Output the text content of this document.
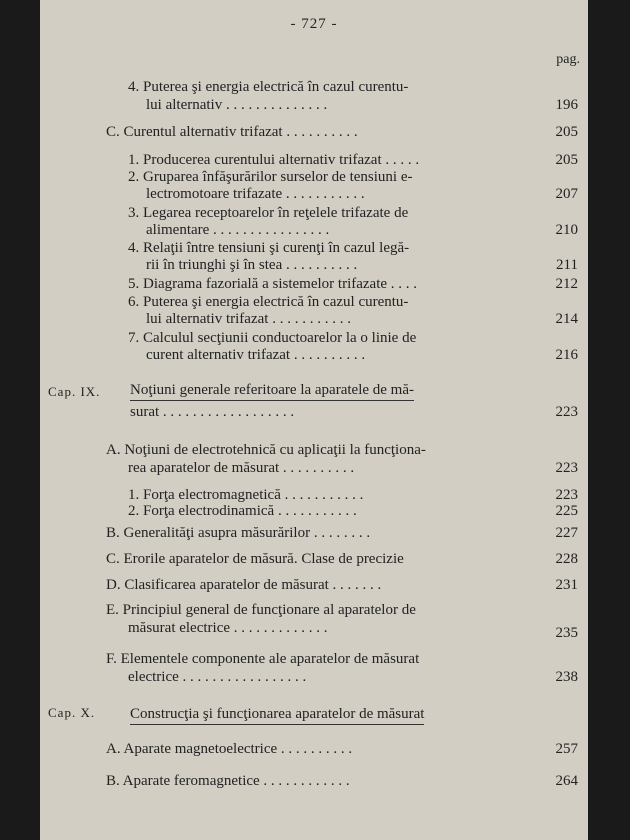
- 727 -
pag.
4. Puterea şi energia electrică în cazul curentu-
lui alternativ . . . . . . . . . . . . . .	196
C. Curentul alternativ trifazat . . . . . . . . . .	205
1. Producerea curentului alternativ trifazat . . . . .	205
2. Gruparea înfăşurărilor surselor de tensiuni e-
lectromotoare trifazate . . . . . . . . . . .	207
3. Legarea receptoarelor în reţelele trifazate de
alimentare . . . . . . . . . . . . . . . .	210
4. Relaţii între tensiuni şi curenţi în cazul legă-
rii în triunghi şi în stea . . . . . . . . . .	211
5. Diagrama fazorială a sistemelor trifazate . . . .	212
6. Puterea şi energia electrică în cazul curentu-
lui alternativ trifazat . . . . . . . . . . .	214
7. Calculul secţiunii conductoarelor la o linie de
curent alternativ trifazat . . . . . . . . . .	216
Cap. IX. Noţiuni generale referitoare la aparatele de mă-
surat . . . . . . . . . . . . . . . . . .	223
A. Noţiuni de electrotehnică cu aplicaţii la funcţiona-
rea aparatelor de măsurat . . . . . . . . . .	223
1. Forţa electromagnetică . . . . . . . . . . .	223
2. Forţa electrodinamică . . . . . . . . . . .	225
B. Generalităţi asupra măsurărilor . . . . . . . .	227
C. Erorile aparatelor de măsură. Clase de precizie	228
D. Clasificarea aparatelor de măsurat . . . . . . .	231
E. Principiul general de funcţionare al aparatelor de
măsurat electrice . . . . . . . . . . . . .	235
F. Elementele componente ale aparatelor de măsurat
electrice . . . . . . . . . . . . . . . . .	238
Cap. X. Construcţia şi funcţionarea aparatelor de măsurat
A. Aparate magnetoelectrice . . . . . . . . . .	257
B. Aparate feromagnetice . . . . . . . . . . . .	264
